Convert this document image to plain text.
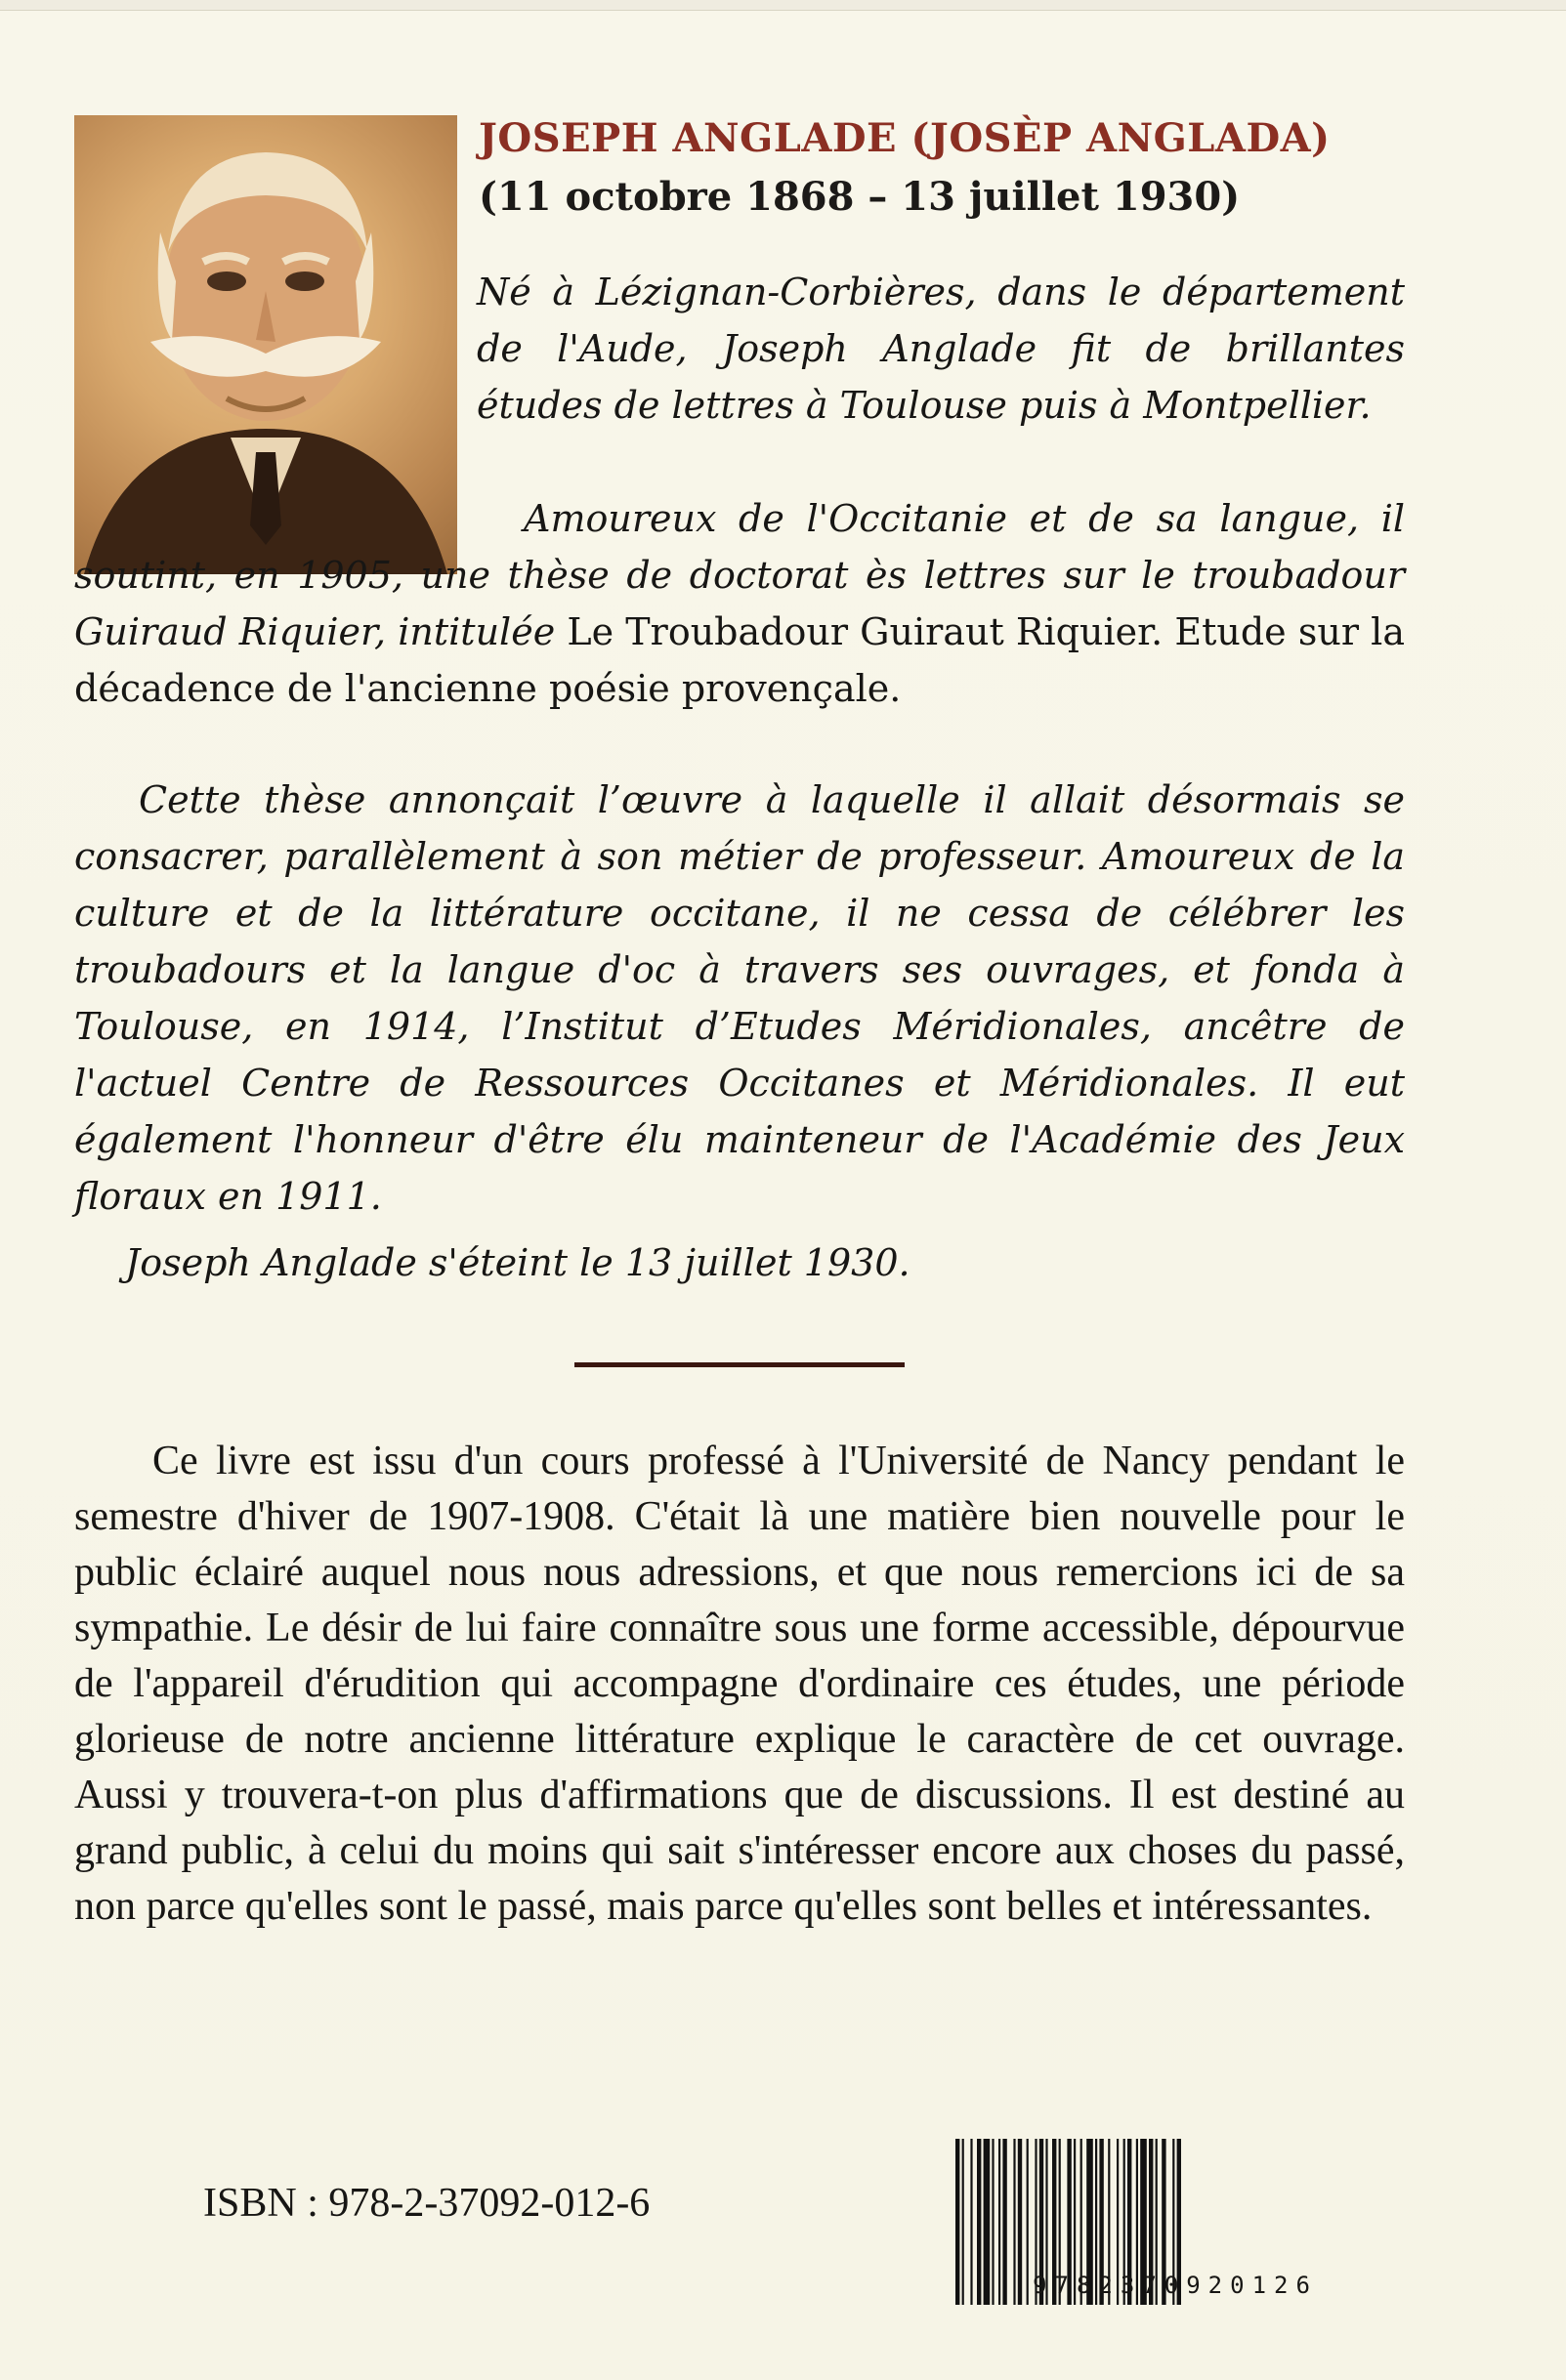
JOSEPH ANGLADE (JOSÈP ANGLADA)
(11 octobre 1868 – 13 juillet 1930)

Né à Lézignan-Corbières, dans le département de l'Aude, Joseph Anglade fit de brillantes études de lettres à Toulouse puis à Montpellier.

Amoureux de l'Occitanie et de sa langue, il soutint, en 1905, une thèse de doctorat ès lettres sur le troubadour Guiraud Riquier, intitulée Le Troubadour Guiraut Riquier. Etude sur la décadence de l'ancienne poésie provençale.

Cette thèse annonçait l’œuvre à laquelle il allait désormais se consacrer, parallèlement à son métier de professeur. Amoureux de la culture et de la littérature occitane, il ne cessa de célébrer les troubadours et la langue d'oc à travers ses ouvrages, et fonda à Toulouse, en 1914, l’Institut d’Etudes Méridionales, ancêtre de l'actuel Centre de Ressources Occitanes et Méridionales. Il eut également l'honneur d'être élu mainteneur de l'Académie des Jeux floraux en 1911.

Joseph Anglade s'éteint le 13 juillet 1930.

Ce livre est issu d'un cours professé à l'Université de Nancy pendant le semestre d'hiver de 1907-1908. C'était là une matière bien nouvelle pour le public éclairé auquel nous nous adressions, et que nous remercions ici de sa sympathie. Le désir de lui faire connaître sous une forme accessible, dépourvue de l'appareil d'érudition qui accompagne d'ordinaire ces études, une période glorieuse de notre ancienne littérature explique le caractère de cet ouvrage. Aussi y trouvera-t-on plus d'affirmations que de discussions. Il est destiné au grand public, à celui du moins qui sait s'intéresser encore aux choses du passé, non parce qu'elles sont le passé, mais parce qu'elles sont belles et intéressantes.

ISBN : 978-2-37092-012-6

9782370920126
